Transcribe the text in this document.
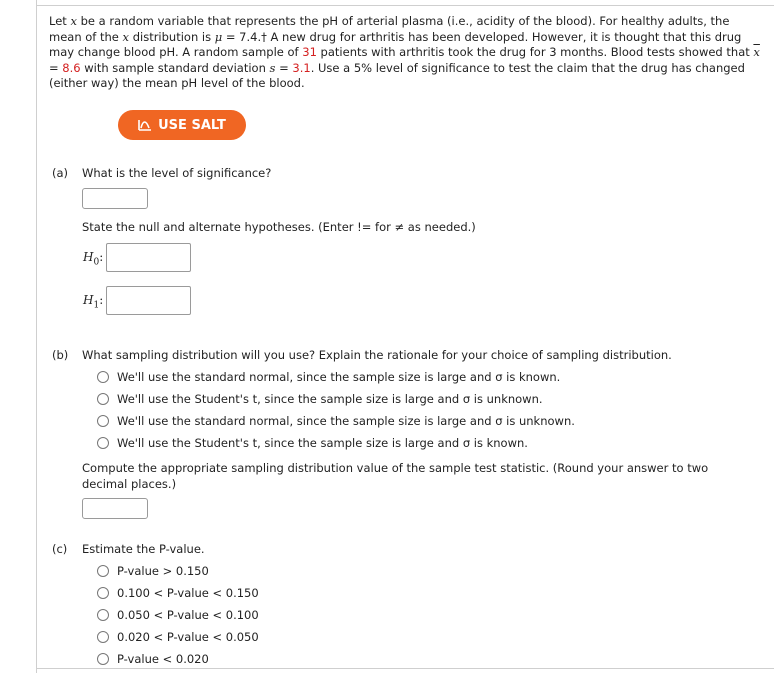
Let x be a random variable that represents the pH of arterial plasma (i.e., acidity of the blood). For healthy adults, the mean of the x distribution is μ = 7.4.† A new drug for arthritis has been developed. However, it is thought that this drug may change blood pH. A random sample of 31 patients with arthritis took the drug for 3 months. Blood tests showed that $\overline{x} = 8.6$ with sample standard deviation s = 3.1. Use a 5% level of significance to test the claim that the drug has changed (either way) the mean pH level of the blood.

USE SALT
(a) What is the level of significance?
State the null and alternate hypotheses. (Enter != for ≠ as needed.)
$H_0$:
$H_1$:
(b) What sampling distribution will you use? Explain the rationale for your choice of sampling distribution.
We'll use the standard normal, since the sample size is large and σ is known.
We'll use the Student's t, since the sample size is large and σ is unknown.
We'll use the standard normal, since the sample size is large and σ is unknown.
We'll use the Student's t, since the sample size is large and σ is known.
Compute the appropriate sampling distribution value of the sample test statistic. (Round your answer to two decimal places.)
(c) Estimate the P-value.
P-value > 0.150
0.100 < P-value < 0.150
0.050 < P-value < 0.100
0.020 < P-value < 0.050
P-value < 0.020
